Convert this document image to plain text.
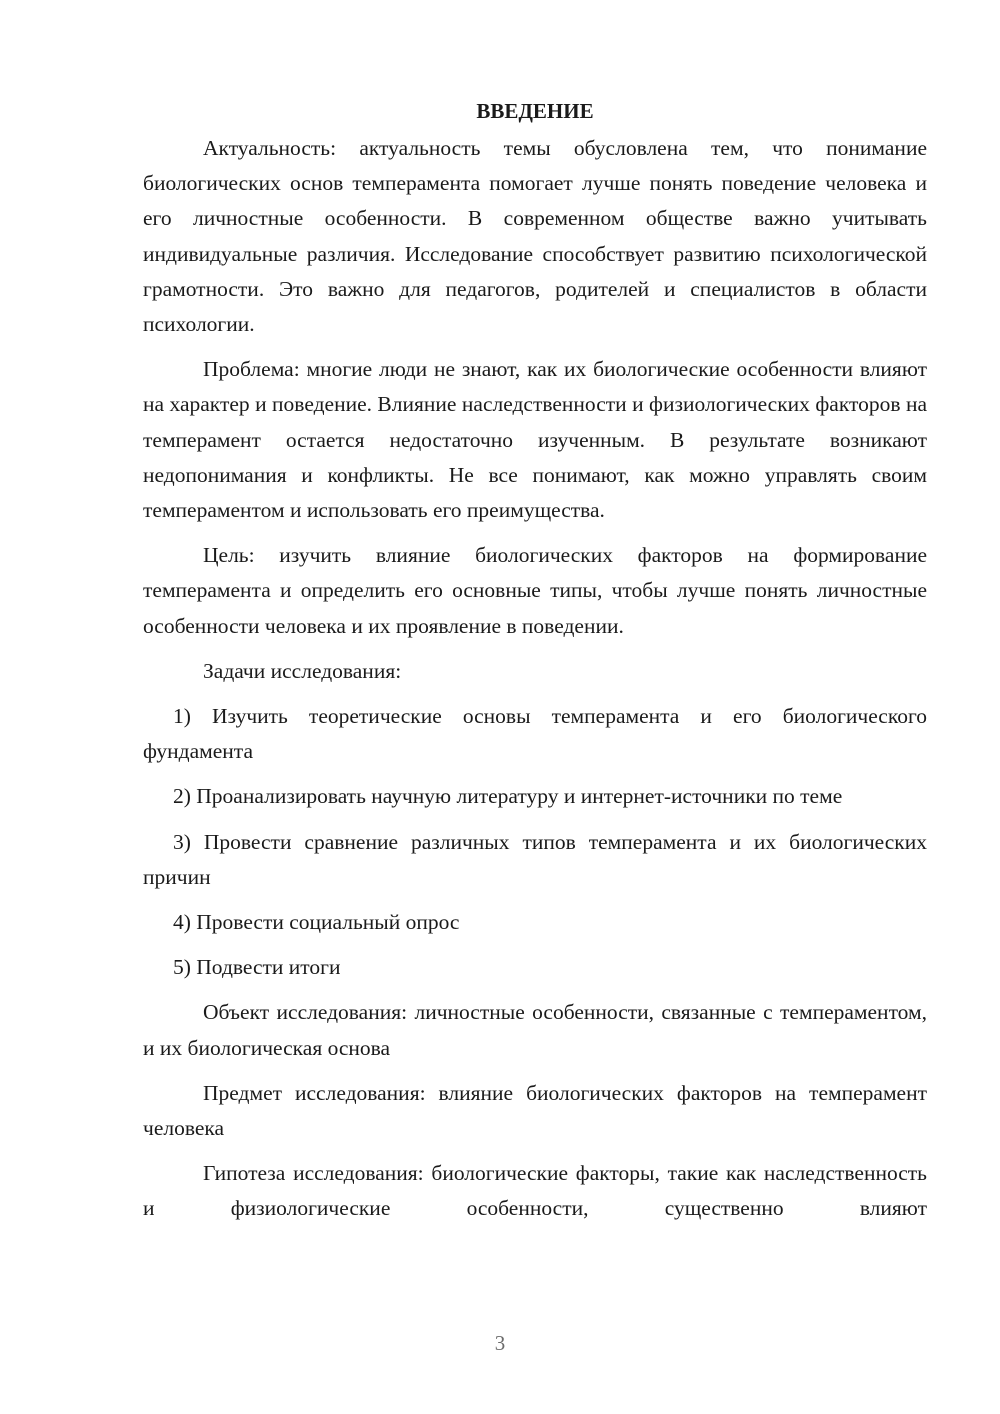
ВВЕДЕНИЕ

Актуальность: актуальность темы обусловлена тем, что понимание биологических основ темперамента помогает лучше понять поведение человека и его личностные особенности. В современном обществе важно учитывать индивидуальные различия. Исследование способствует развитию психологической грамотности. Это важно для педагогов, родителей и специалистов в области психологии.

Проблема: многие люди не знают, как их биологические особенности влияют на характер и поведение. Влияние наследственности и физиологических факторов на темперамент остается недостаточно изученным. В результате возникают недопонимания и конфликты. Не все понимают, как можно управлять своим темпераментом и использовать его преимущества.

Цель: изучить влияние биологических факторов на формирование темперамента и определить его основные типы, чтобы лучше понять личностные особенности человека и их проявление в поведении.

Задачи исследования:

1) Изучить теоретические основы темперамента и его биологического фундамента

2) Проанализировать научную литературу и интернет-источники по теме

3) Провести сравнение различных типов темперамента и их биологических причин

4) Провести социальный опрос

5) Подвести итоги

Объект исследования: личностные особенности, связанные с темпераментом, и их биологическая основа

Предмет исследования: влияние биологических факторов на темперамент человека

Гипотеза исследования: биологические факторы, такие как наследственность и физиологические особенности, существенно влияют

3
